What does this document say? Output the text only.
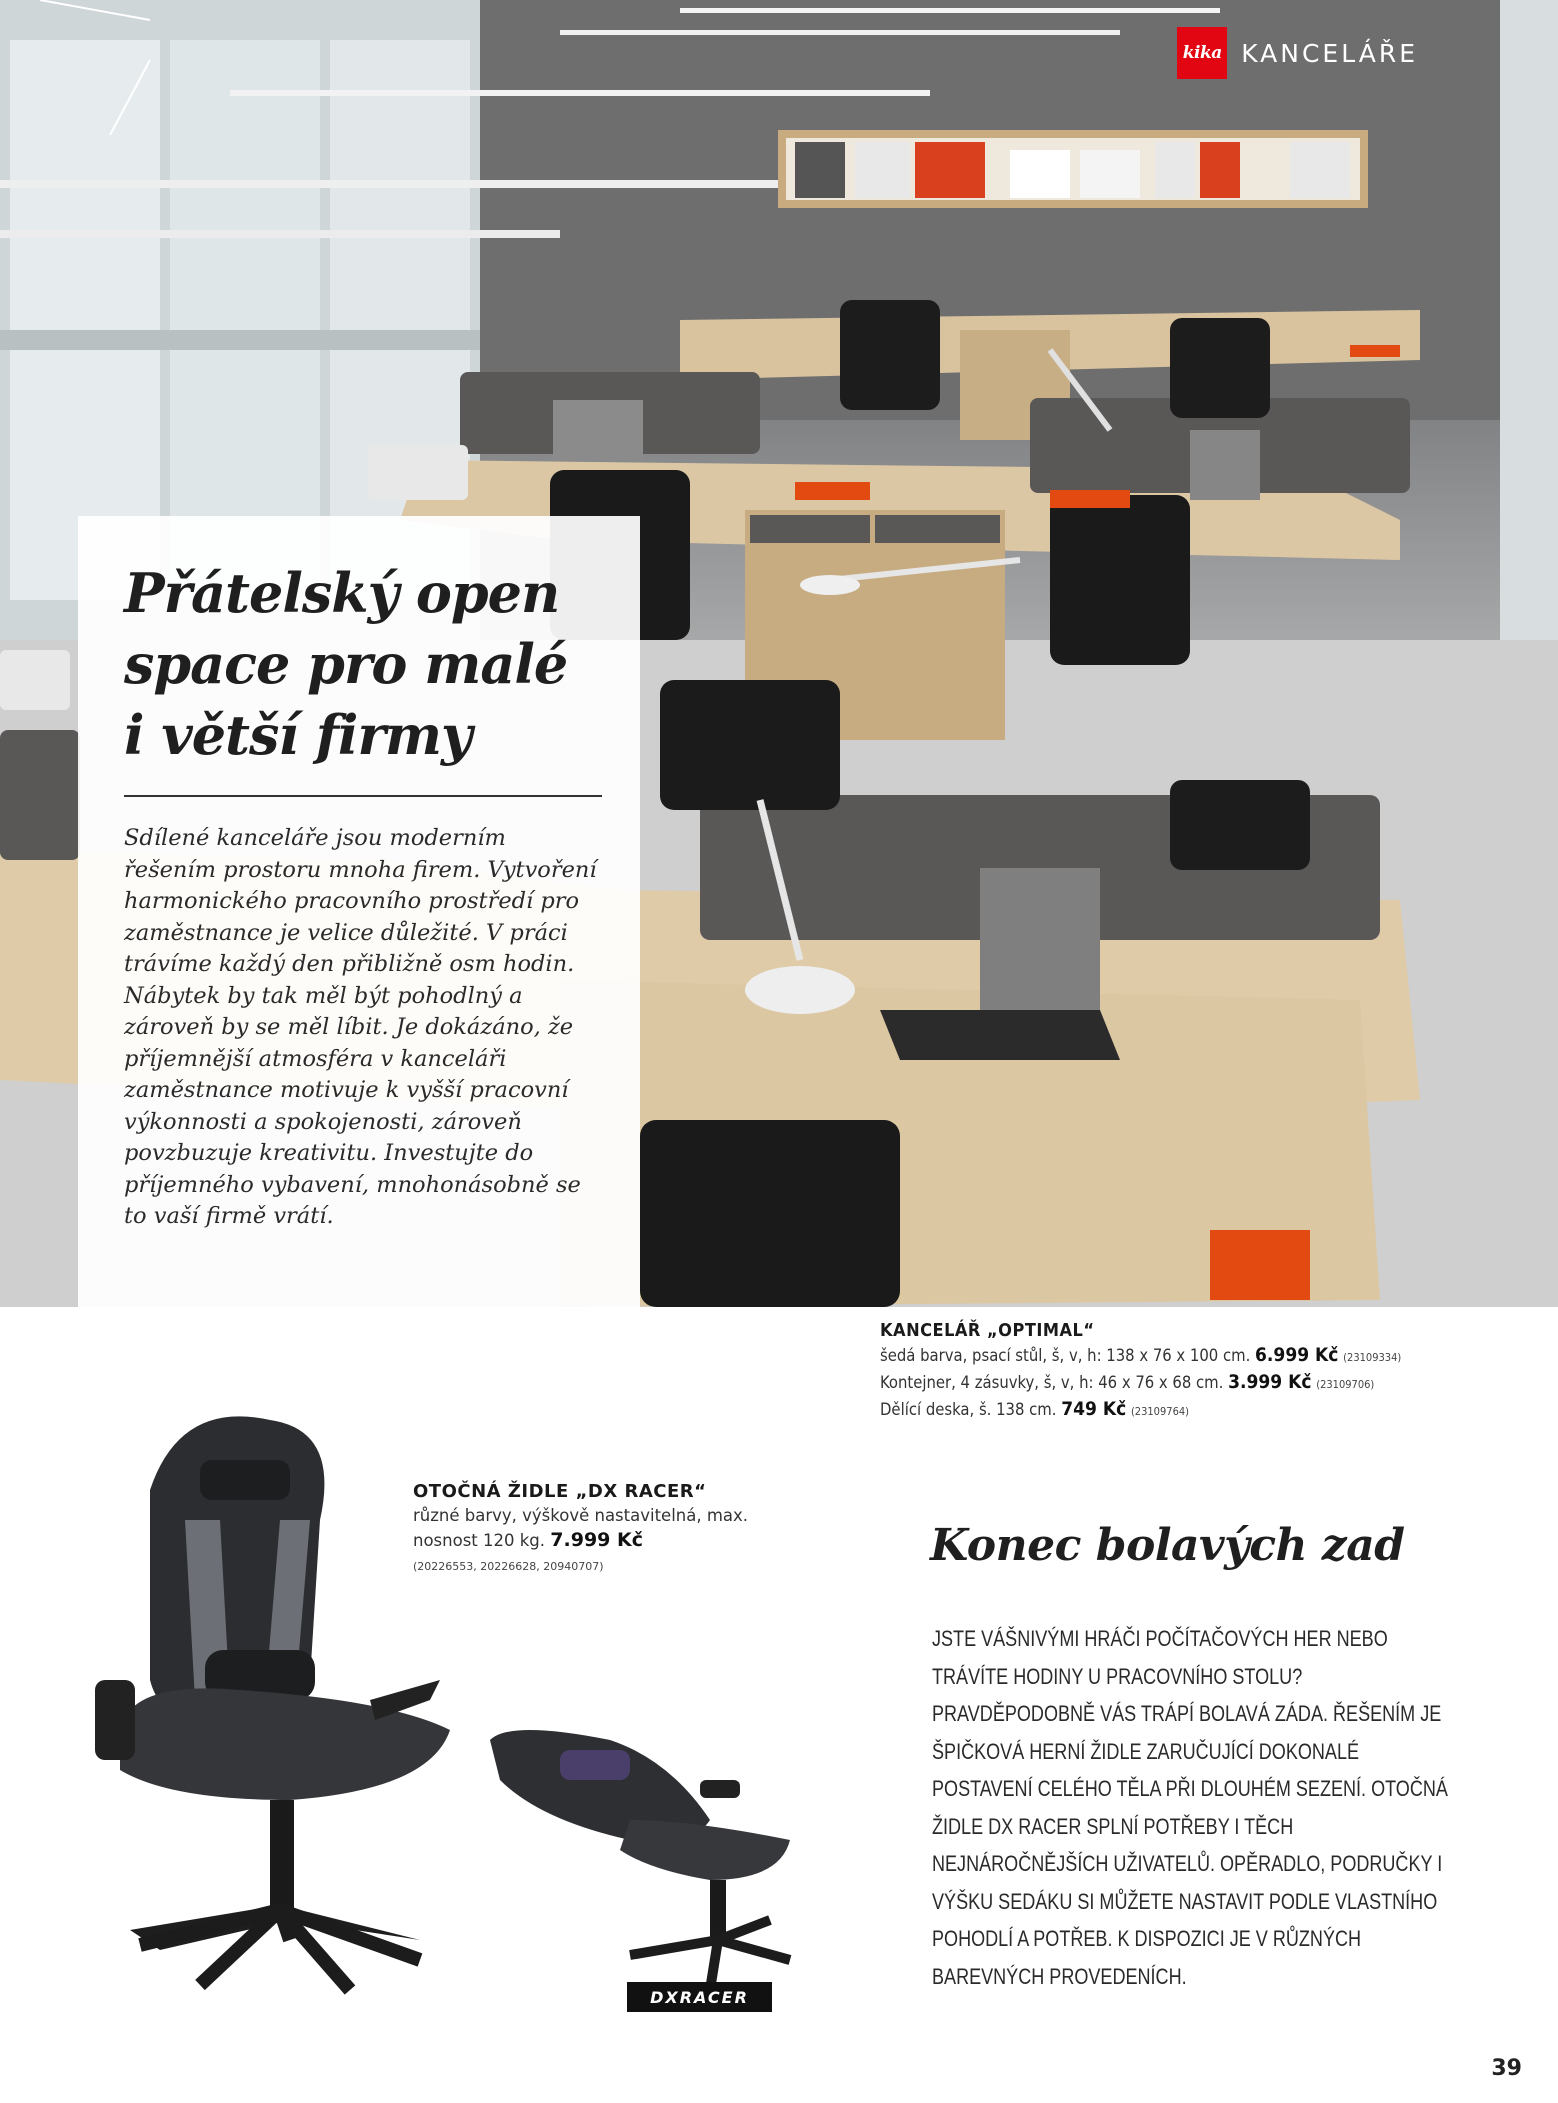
kika KANCELÁŘE
Přátelský open space pro malé i větší firmy

Sdílené kanceláře jsou moderním řešením prostoru mnoha firem. Vytvoření harmonického pracovního prostředí pro zaměstnance je velice důležité. V práci trávíme každý den přibližně osm hodin. Nábytek by tak měl být pohodlný a zároveň by se měl líbit. Je dokázáno, že příjemnější atmosféra v kanceláři zaměstnance motivuje k vyšší pracovní výkonnosti a spokojenosti, zároveň povzbuzuje kreativitu. Investujte do příjemného vybavení, mnohonásobně se to vaší firmě vrátí.

KANCELÁŘ „OPTIMAL“
šedá barva, psací stůl, š, v, h: 138 x 76 x 100 cm. 6.999 Kč (23109334)
Kontejner, 4 zásuvky, š, v, h: 46 x 76 x 68 cm. 3.999 Kč (23109706)
Dělící deska, š. 138 cm. 749 Kč (23109764)
OTOČNÁ ŽIDLE „DX RACER“
různé barvy, výškově nastavitelná, max. nosnost 120 kg. 7.999 Kč
(20226553, 20226628, 20940707)
DXRACER
Konec bolavých zad
JSTE VÁŠNIVÝMI HRÁČI POČÍTAČOVÝCH HER NEBO TRÁVÍTE HODINY U PRACOVNÍHO STOLU? PRAVDĚPODOBNĚ VÁS TRÁPÍ BOLAVÁ ZÁDA. ŘEŠENÍM JE ŠPIČKOVÁ HERNÍ ŽIDLE ZARUČUJÍCÍ DOKONALÉ POSTAVENÍ CELÉHO TĚLA PŘI DLOUHÉM SEZENÍ. OTOČNÁ ŽIDLE DX RACER SPLNÍ POTŘEBY I TĚCH NEJNÁROČNĚJŠÍCH UŽIVATELŮ. OPĚRADLO, PODRUČKY I VÝŠKU SEDÁKU SI MŮŽETE NASTAVIT PODLE VLASTNÍHO POHODLÍ A POTŘEB. K DISPOZICI JE V RŮZNÝCH BAREVNÝCH PROVEDENÍCH.
39
